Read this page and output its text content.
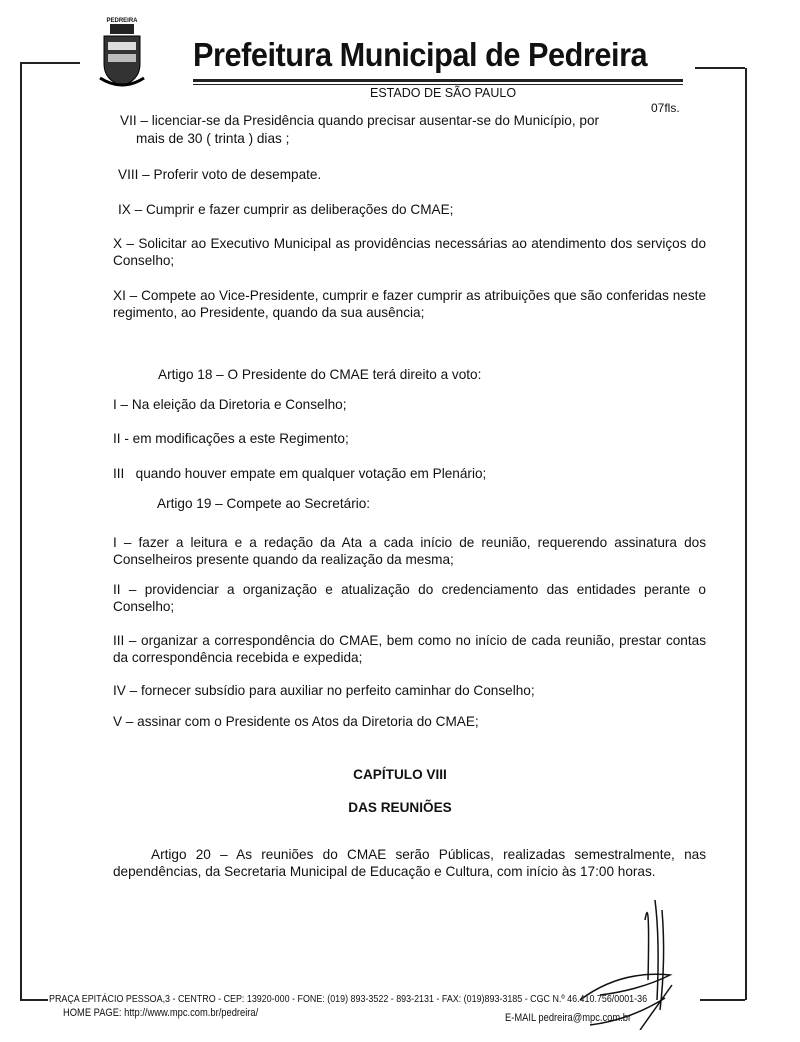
PEDREIRA
Prefeitura Municipal de Pedreira
ESTADO DE SÃO PAULO
07fls.
VII – licenciar-se da Presidência quando precisar ausentar-se do Município, por
mais de 30 ( trinta ) dias ;
VIII – Proferir voto de desempate.
IX – Cumprir e fazer cumprir as deliberações do CMAE;
X – Solicitar ao Executivo Municipal as providências necessárias ao atendimento dos serviços do Conselho;
XI – Compete ao Vice-Presidente, cumprir e fazer cumprir as atribuições que são conferidas neste regimento, ao Presidente, quando da sua ausência;
Artigo 18 – O Presidente do CMAE terá direito a voto:
I – Na eleição da Diretoria e Conselho;
II - em modificações a este Regimento;
III   quando houver empate em qualquer votação em Plenário;
Artigo 19 – Compete ao Secretário:
I – fazer a leitura e a redação da Ata a cada início de reunião, requerendo assinatura dos Conselheiros presente quando da realização da mesma;
II – providenciar a organização e atualização do credenciamento das entidades perante o Conselho;
III – organizar a correspondência do CMAE, bem como no início de cada reunião, prestar contas da correspondência recebida e expedida;
IV – fornecer subsídio para auxiliar no perfeito caminhar do Conselho;
V – assinar com o Presidente os Atos da Diretoria do CMAE;
CAPÍTULO VIII
DAS REUNIÕES
Artigo 20 – As reuniões do CMAE serão Públicas, realizadas semestralmente, nas dependências, da Secretaria Municipal de Educação e Cultura, com início às 17:00 horas.
PRAÇA EPITÁCIO PESSOA,3 - CENTRO - CEP: 13920-000 - FONE: (019) 893-3522 - 893-2131 - FAX: (019)893-3185 - CGC N.º 46.410.756/0001-36
HOME PAGE: http://www.mpc.com.br/pedreira/	E-MAIL pedreira@mpc.com.br
